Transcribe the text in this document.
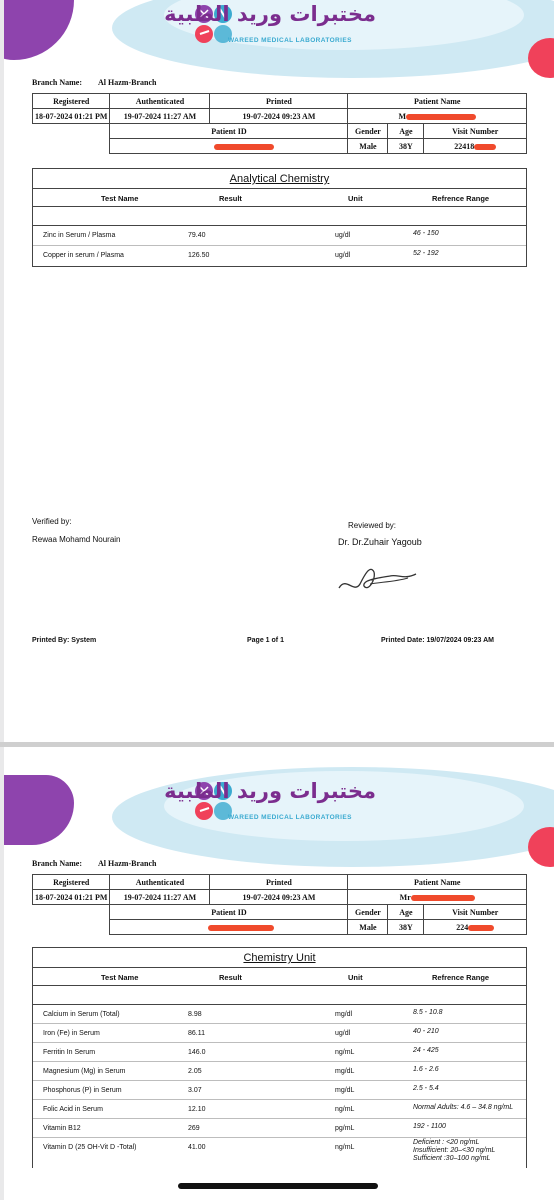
مختبرات وريد الطبية
WAREED MEDICAL LABORATORIES
Branch Name: Al Hazm-Branch
Registered	Authenticated	Printed	Patient Name		
18-07-2024 01:21 PM	19-07-2024 11:27 AM	19-07-2024 09:23 AM	M		
	Patient ID		Gender	Age	Visit Number
			Male	38Y	22418
Analytical Chemistry
Test Name	Result	Unit	Refrence Range
Zinc in Serum / Plasma	79.40	ug/dl	46 - 150
Copper in serum / Plasma	126.50	ug/dl	52 - 192
Verified by:
Rewaa Mohamd Nourain
Reviewed by:
Dr. Dr.Zuhair Yagoub
Printed By: System	Page 1 of 1	Printed Date: 19/07/2024 09:23 AM
مختبرات وريد الطبية
WAREED MEDICAL LABORATORIES
Branch Name: Al Hazm-Branch
Registered	Authenticated	Printed	Patient Name		
18-07-2024 01:21 PM	19-07-2024 11:27 AM	19-07-2024 09:23 AM	Mr		
	Patient ID		Gender	Age	Visit Number
			Male	38Y	224
Chemistry Unit
Test Name	Result	Unit	Refrence Range
Calcium in Serum (Total)	8.98	mg/dl	8.5 - 10.8
Iron (Fe) in Serum	86.11	ug/dl	40 - 210
Ferritin In Serum	146.0	ng/mL	24 - 425
Magnesium (Mg) in Serum	2.05	mg/dL	1.6 - 2.6
Phosphorus (P) in Serum	3.07	mg/dL	2.5 - 5.4
Folic Acid in Serum	12.10	ng/mL	Normal Adults: 4.6 – 34.8 ng/mL
Vitamin B12	269	pg/mL	192 - 1100
Vitamin D (25 OH-Vit D -Total)	41.00	ng/mL
Deficient : <20 ng/mL
Insufficient: 20–<30 ng/mL
Sufficient :30–100 ng/mL
